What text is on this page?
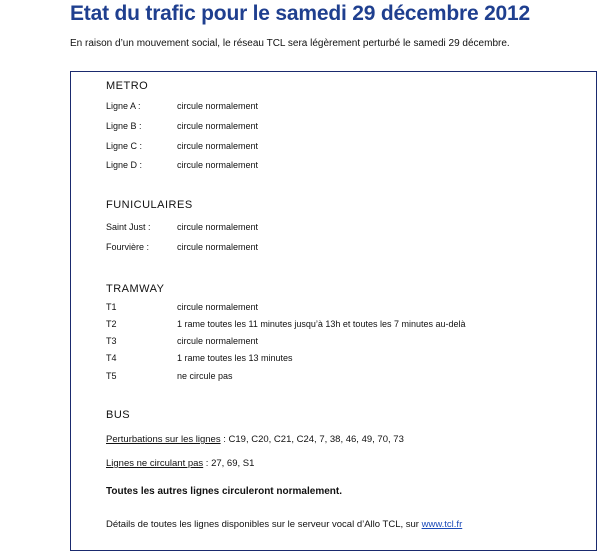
Etat du trafic pour le samedi 29 décembre 2012
En raison d’un mouvement social, le réseau TCL sera légèrement perturbé le samedi 29 décembre.
METRO
Ligne A :	circule normalement
Ligne B :	circule normalement
Ligne C :	circule normalement
Ligne D :	circule normalement
FUNICULAIRES
Saint Just :	circule normalement
Fourvière :	circule normalement
TRAMWAY
T1	circule normalement
T2	1 rame toutes les 11 minutes jusqu’à 13h et toutes les 7 minutes au-delà
T3	circule normalement
T4	1 rame toutes les 13 minutes
T5	ne circule pas
BUS
Perturbations sur les lignes : C19, C20, C21, C24, 7, 38, 46, 49, 70, 73
Lignes ne circulant pas : 27, 69, S1
Toutes les autres lignes circuleront normalement.
Détails de toutes les lignes disponibles sur le serveur vocal d’Allo TCL, sur www.tcl.fr
